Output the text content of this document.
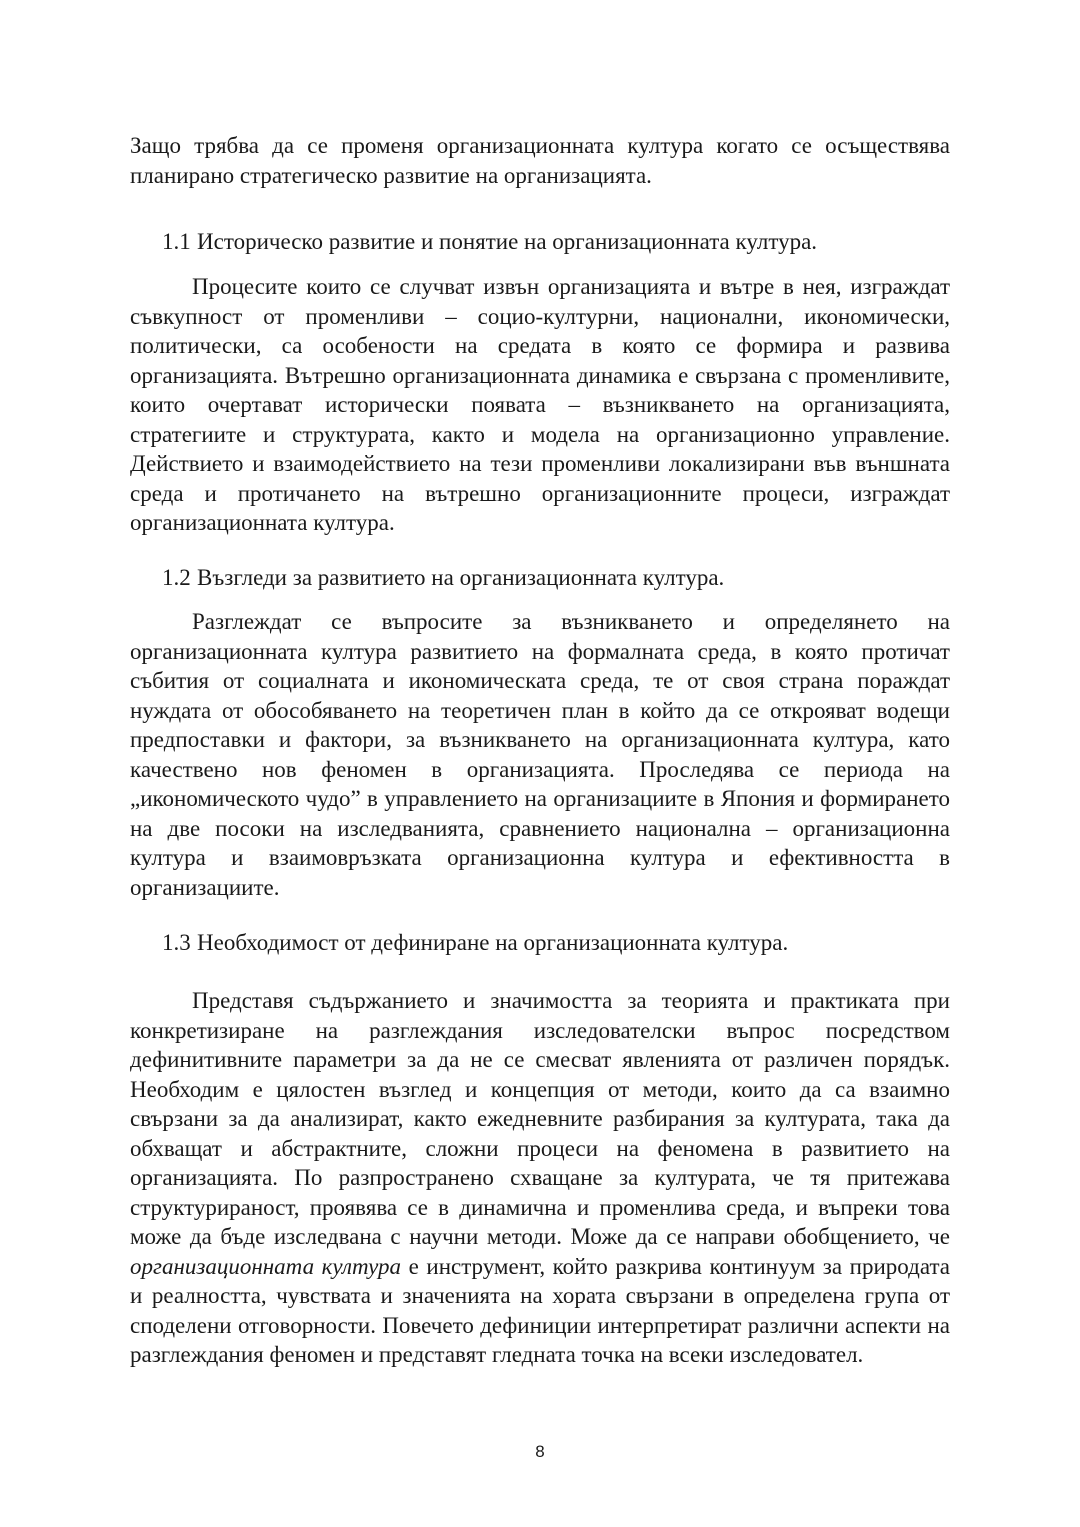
Защо трябва да се променя организационната култура когато се осъществява планирано стратегическо развитие на организацията.

1.1 Историческо развитие и понятие на организационната култура.

Процесите които се случват извън организацията и вътре в нея, изграждат съвкупност от променливи – социо-културни, национални, икономически, политически, са особености на средата в която се формира и развива организацията. Вътрешно организационната динамика е свързана с променливите, които очертават исторически появата – възникването на организацията, стратегиите и структурата, както и модела на организационно управление. Действието и взаимодействието на тези променливи локализирани във външната среда и протичането на вътрешно организационните процеси, изграждат организационната култура.

1.2 Възгледи за развитието на организационната култура.

Разглеждат се въпросите за възникването и определянето на организационната култура развитието на формалната среда, в която протичат събития от социалната и икономическата среда, те от своя страна пораждат нуждата от обособяването на теоретичен план в който да се открояват водещи предпоставки и фактори, за възникването на организационната култура, като качествено нов феномен в организацията. Проследява се периода на „икономическото чудо” в управлението на организациите в Япония и формирането на две посоки на изследванията, сравнението национална – организационна култура и взаимовръзката организационна култура и ефективността в организациите.

1.3 Необходимост от дефиниране на организационната култура.

Представя съдържанието и значимостта за теорията и практиката при конкретизиране на разглеждания изследователски въпрос посредством дефинитивните параметри за да не се смесват явленията от различен порядък. Необходим е цялостен възглед и концепция от методи, които да са взаимно свързани за да анализират, както ежедневните разбирания за културата, така да обхващат и абстрактните, сложни процеси на феномена в развитието на организацията. По разпространено схващане за културата, че тя притежава структурираност, проявява се в динамична и променлива среда, и въпреки това може да бъде изследвана с научни методи. Може да се направи обобщението, че организационната култура е инструмент, който разкрива континуум за природата и реалността, чувствата и значенията на хората свързани в определена група от споделени отговорности. Повечето дефиниции интерпретират различни аспекти на разглеждания феномен и представят гледната точка на всеки изследовател.

8
